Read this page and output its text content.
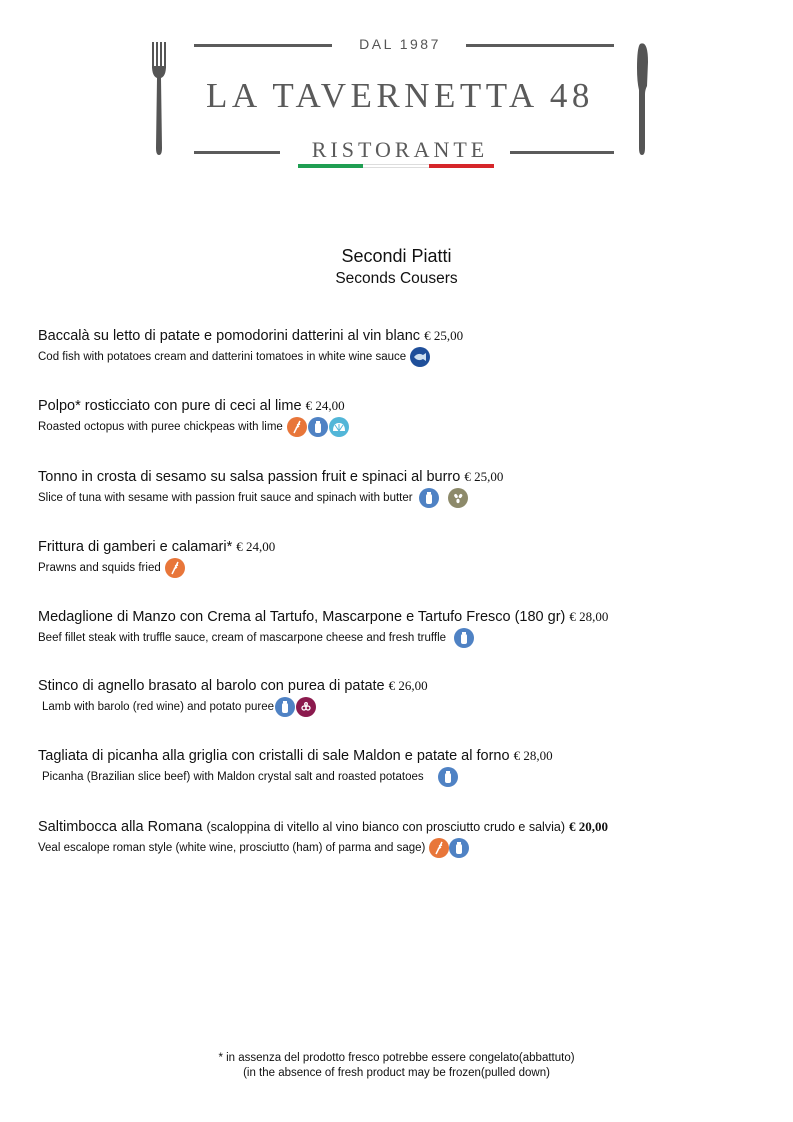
DAL 1987
LA TAVERNETTA 48
RISTORANTE
Secondi Piatti
Seconds Cousers
Baccalà su letto di patate e pomodorini datterini al vin blanc € 25,00
Cod fish with potatoes cream and datterini tomatoes in white wine sauce
Polpo* rosticciato con pure di ceci al lime € 24,00
Roasted octopus with puree chickpeas with lime
Tonno in crosta di sesamo su salsa passion fruit e spinaci al burro € 25,00
Slice of tuna with sesame with passion fruit sauce and spinach with butter
Frittura di gamberi e calamari* € 24,00
Prawns and squids fried
Medaglione di Manzo con Crema al Tartufo, Mascarpone e Tartufo Fresco (180 gr) € 28,00
Beef fillet steak with truffle sauce, cream of mascarpone cheese and fresh truffle
Stinco di agnello brasato al barolo con purea di patate € 26,00
Lamb with barolo (red wine) and potato puree
Tagliata di picanha alla griglia con cristalli di sale Maldon e patate al forno € 28,00
Picanha (Brazilian slice beef) with Maldon crystal salt and roasted potatoes
Saltimbocca alla Romana (scaloppina di vitello al vino bianco con prosciutto crudo e salvia) € 20,00
Veal escalope roman style (white wine, prosciutto (ham) of parma and sage)
* in assenza del prodotto fresco potrebbe essere congelato(abbattuto)
(in the absence of fresh product may be frozen(pulled down)
